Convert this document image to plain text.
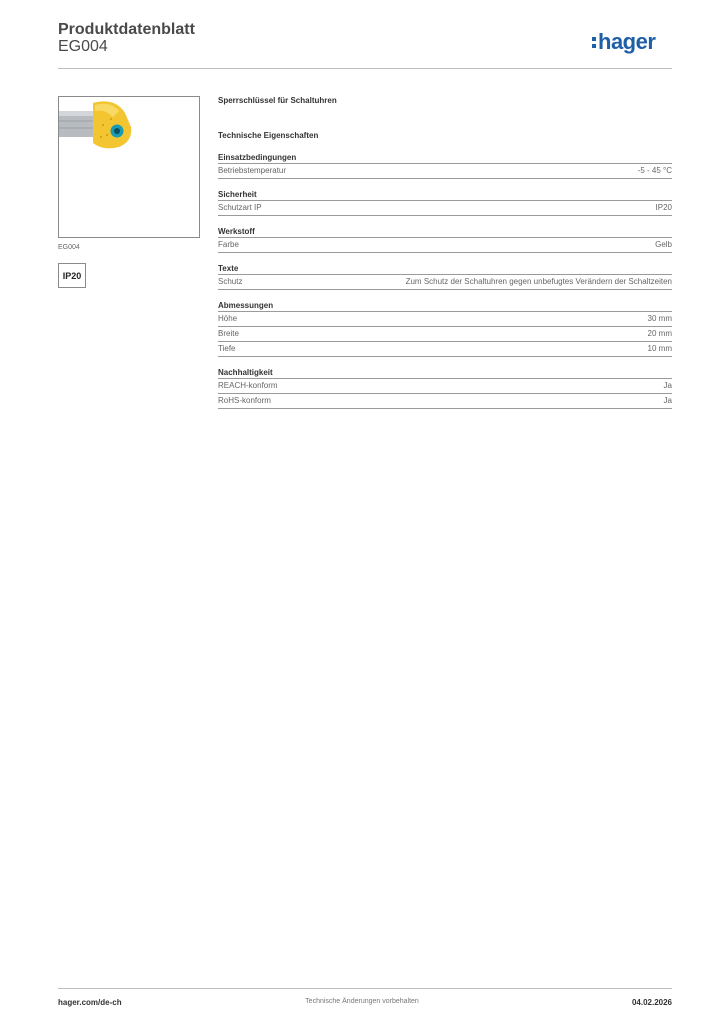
Produktdatenblatt
EG004	hager
EG004
IP20
Sperrschlüssel für Schaltuhren
Technische Eigenschaften
Einsatzbedingungen
Betriebstemperatur	-5 - 45 °C
Sicherheit
Schutzart IP	IP20
Werkstoff
Farbe	Gelb
Texte
Schutz	Zum Schutz der Schaltuhren gegen unbefugtes Verändern der Schaltzeiten
Abmessungen
Höhe	30 mm
Breite	20 mm
Tiefe	10 mm
Nachhaltigkeit
REACH-konform	Ja
RoHS-konform	Ja
hager.com/de-ch	Technische Änderungen vorbehalten	04.02.2026
